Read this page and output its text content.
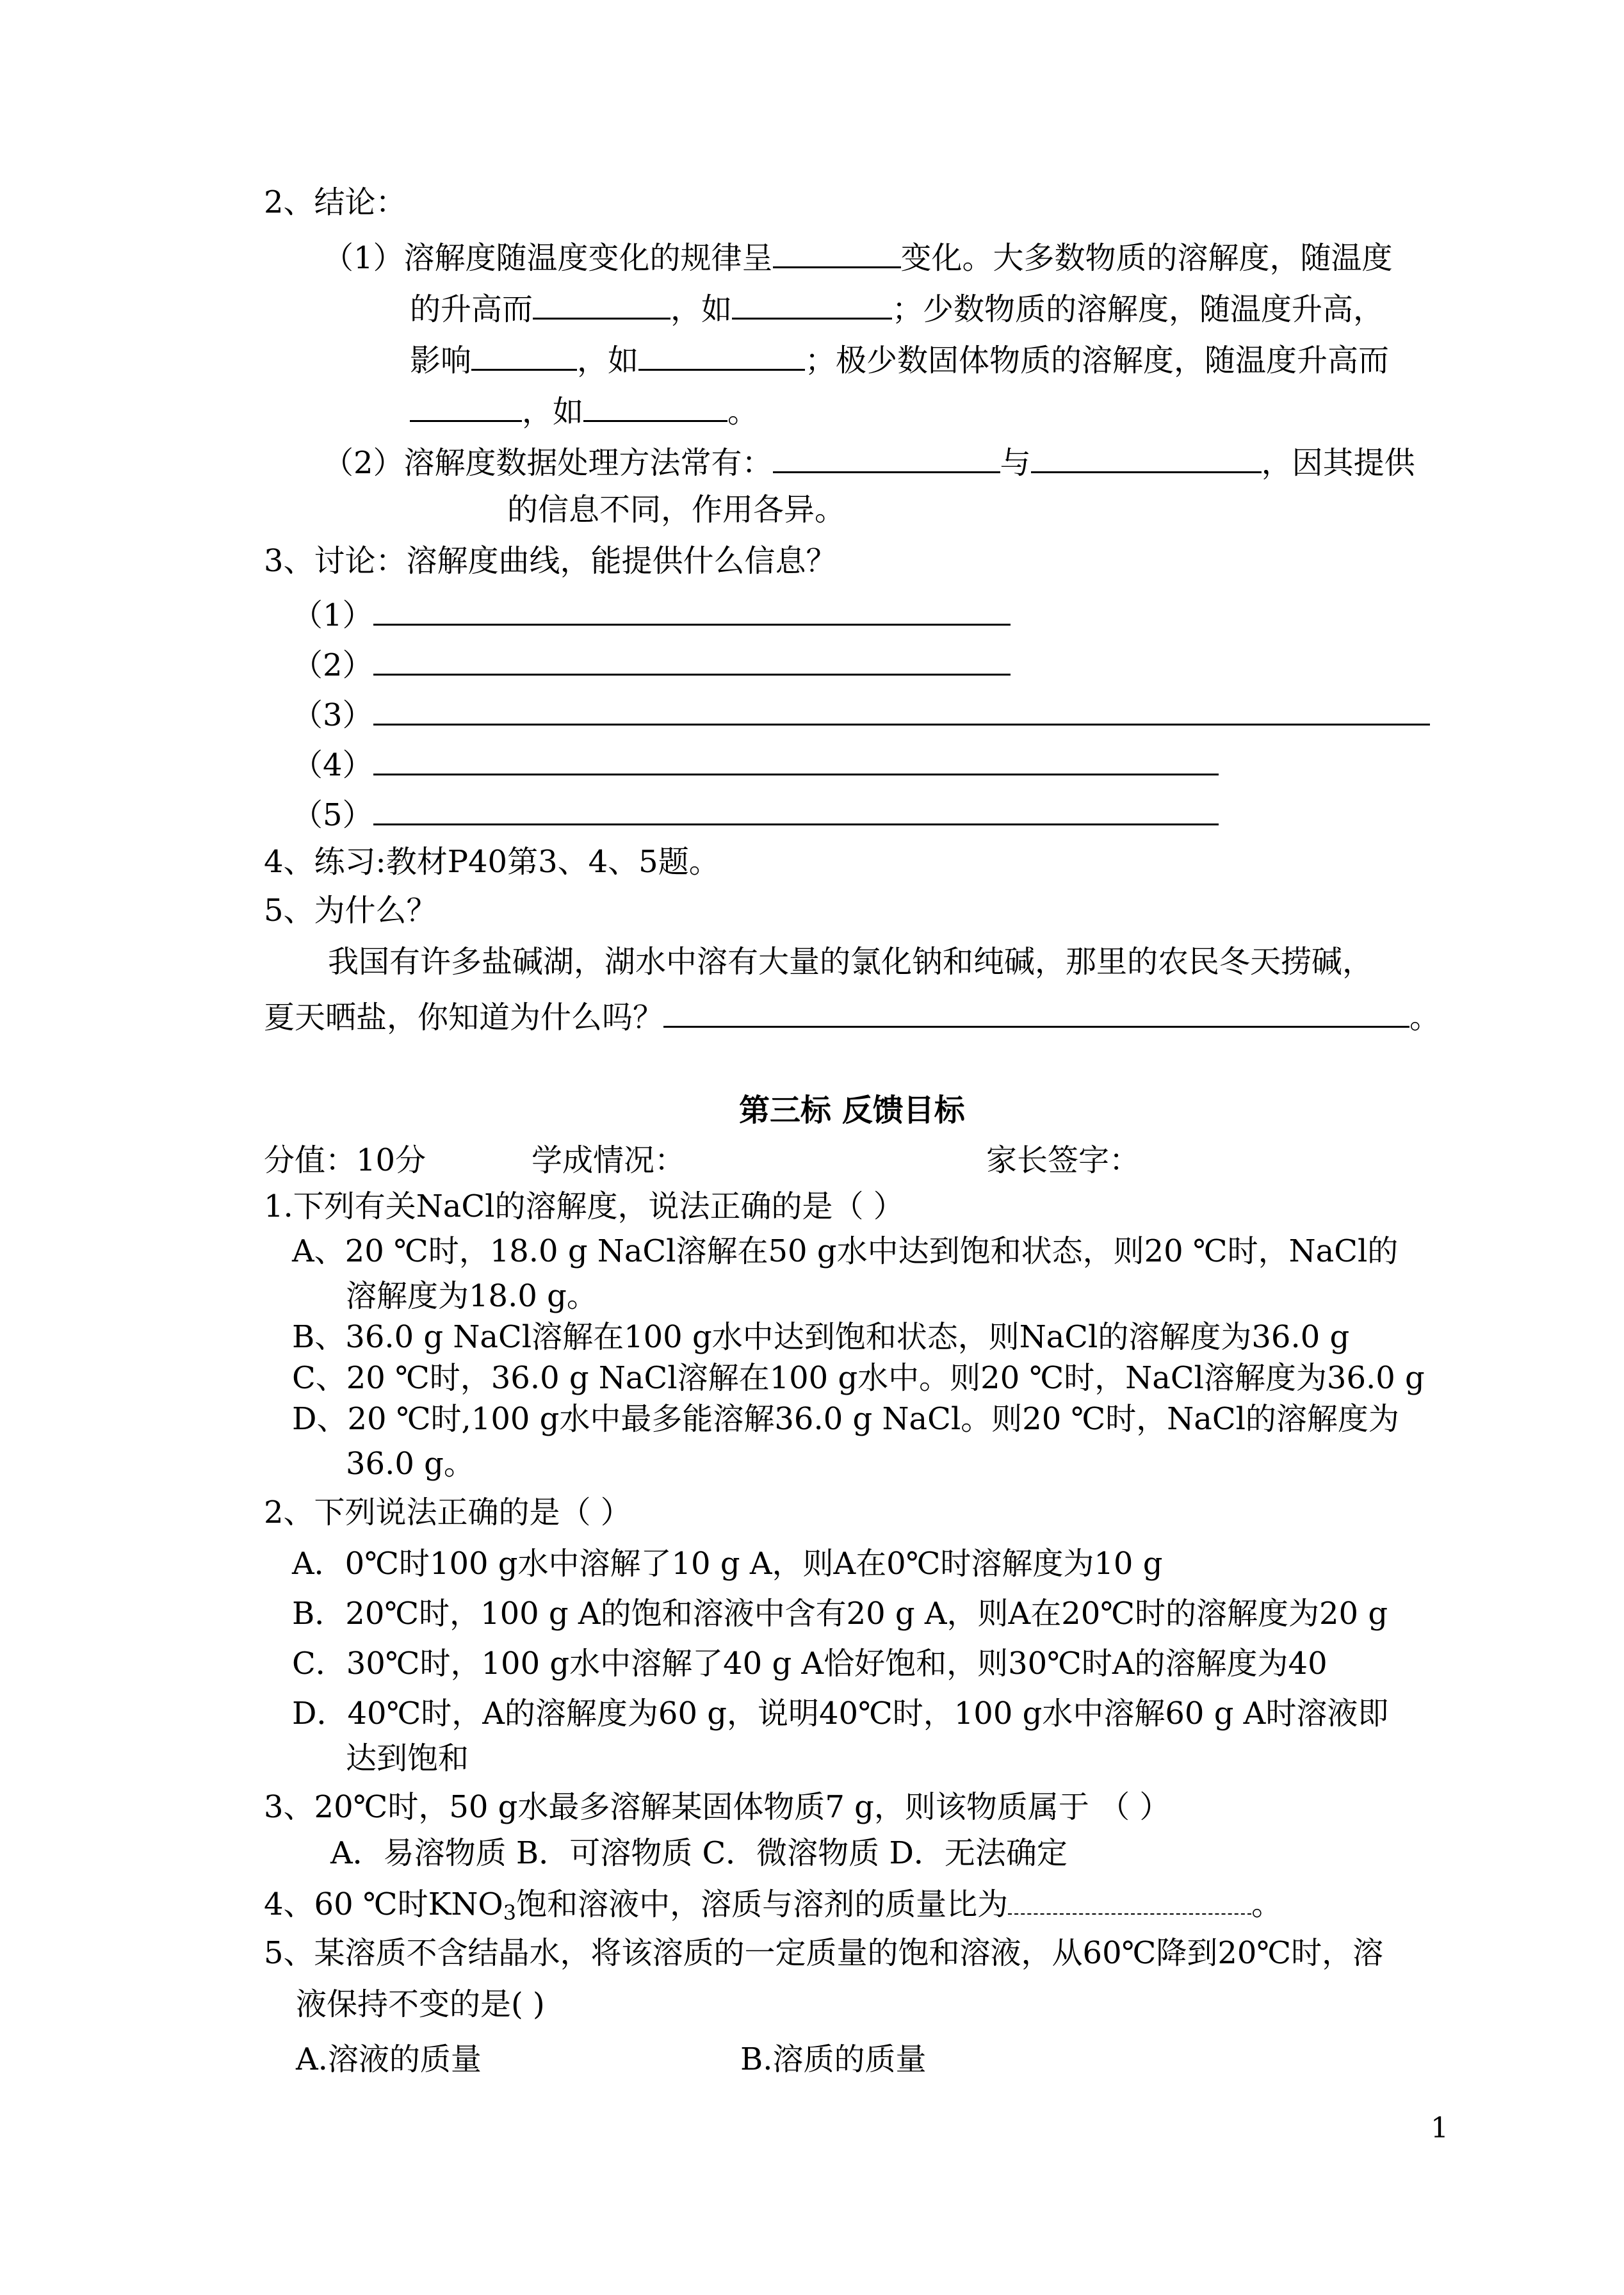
2、结论：
（1）溶解度随温度变化的规律呈	变化。大多数物质的溶解度，随温度
的升高而	，如	；少数物质的溶解度，随温度升高，
影响	，如	；极少数固体物质的溶解度，随温度升高而
，如	。
（2）溶解度数据处理方法常有：	与	，因其提供
的信息不同，作用各异。
3、讨论：溶解度曲线，能提供什么信息？
（1）
（2）
（3）
（4）
（5）
4、练习:教材P40第3、4、5题。
5、为什么？
我国有许多盐碱湖，湖水中溶有大量的氯化钠和纯碱，那里的农民冬天捞碱，
夏天晒盐，你知道为什么吗？	。
第三标 反馈目标
分值：10分	学成情况：	家长签字：
1.下列有关NaCl的溶解度，说法正确的是（ ）
A、20 ℃时，18.0 g NaCl溶解在50 g水中达到饱和状态，则20 ℃时，NaCl的
溶解度为18.0 g。
B、36.0 g NaCl溶解在100 g水中达到饱和状态，则NaCl的溶解度为36.0 g
C、20 ℃时，36.0 g NaCl溶解在100 g水中。则20 ℃时，NaCl溶解度为36.0 g
D、20 ℃时,100 g水中最多能溶解36.0 g NaCl。则20 ℃时，NaCl的溶解度为
36.0 g。
2、下列说法正确的是（ ）
A．0℃时100 g水中溶解了10 g A，则A在0℃时溶解度为10 g
B．20℃时，100 g A的饱和溶液中含有20 g A，则A在20℃时的溶解度为20 g
C．30℃时，100 g水中溶解了40 g A恰好饱和，则30℃时A的溶解度为40
D．40℃时，A的溶解度为60 g，说明40℃时，100 g水中溶解60 g A时溶液即
达到饱和
3、20℃时，50 g水最多溶解某固体物质7 g，则该物质属于 （ ）
A．易溶物质 B．可溶物质 C．微溶物质 D．无法确定
4、60 ℃时$KNO_3$饱和溶液中，溶质与溶剂的质量比为	。
5、某溶质不含结晶水，将该溶质的一定质量的饱和溶液，从60℃降到20℃时，溶
液保持不变的是( )
A.溶液的质量	B.溶质的质量
1
